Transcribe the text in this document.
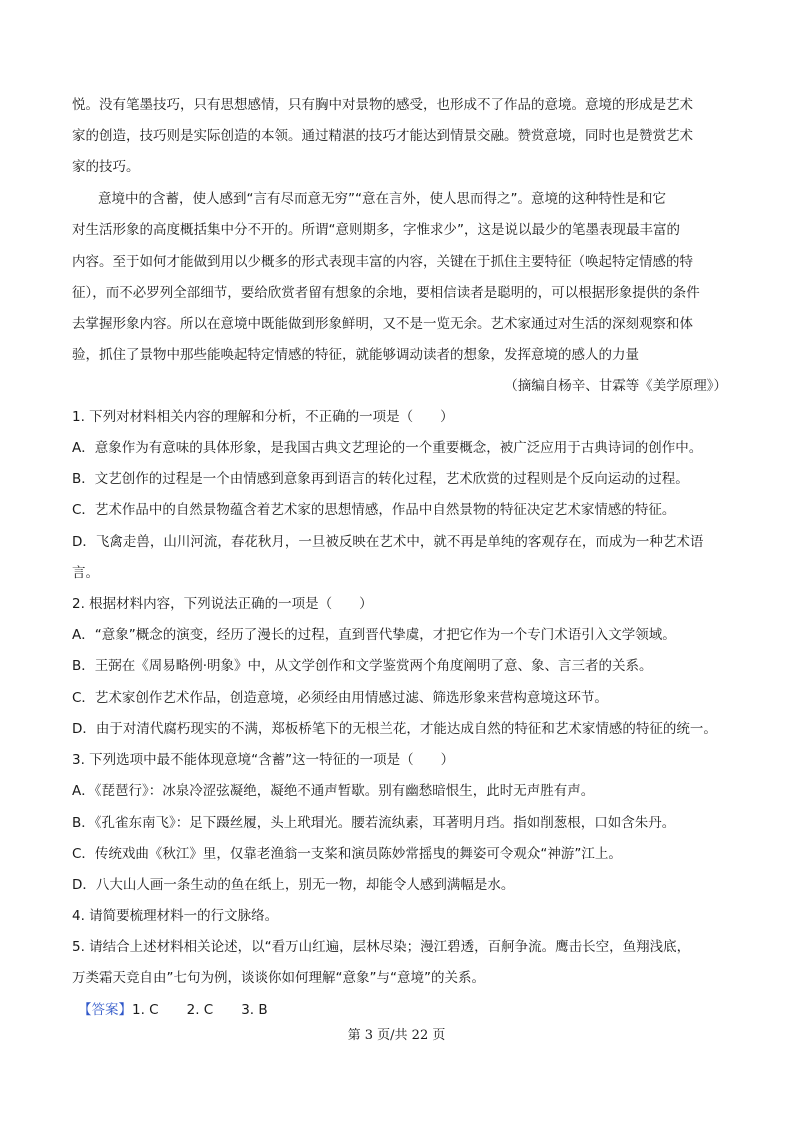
悦。没有笔墨技巧，只有思想感情，只有胸中对景物的感受，也形成不了作品的意境。意境的形成是艺术
家的创造，技巧则是实际创造的本领。通过精湛的技巧才能达到情景交融。赞赏意境，同时也是赞赏艺术
家的技巧。
意境中的含蓄，使人感到“言有尽而意无穷”“意在言外，使人思而得之”。意境的这种特性是和它
对生活形象的高度概括集中分不开的。所谓“意则期多，字惟求少”，这是说以最少的笔墨表现最丰富的
内容。至于如何才能做到用以少概多的形式表现丰富的内容，关键在于抓住主要特征（唤起特定情感的特
征），而不必罗列全部细节，要给欣赏者留有想象的余地，要相信读者是聪明的，可以根据形象提供的条件
去掌握形象内容。所以在意境中既能做到形象鲜明，又不是一览无余。艺术家通过对生活的深刻观察和体
验，抓住了景物中那些能唤起特定情感的特征，就能够调动读者的想象，发挥意境的感人的力量
（摘编自杨辛、甘霖等《美学原理》）
1. 下列对材料相关内容的理解和分析，不正确的一项是（　　）
A．意象作为有意味的具体形象，是我国古典文艺理论的一个重要概念，被广泛应用于古典诗词的创作中。
B．文艺创作的过程是一个由情感到意象再到语言的转化过程，艺术欣赏的过程则是个反向运动的过程。
C．艺术作品中的自然景物蕴含着艺术家的思想情感，作品中自然景物的特征决定艺术家情感的特征。
D．飞禽走兽，山川河流，春花秋月，一旦被反映在艺术中，就不再是单纯的客观存在，而成为一种艺术语
言。
2. 根据材料内容，下列说法正确的一项是（　　）
A．“意象”概念的演变，经历了漫长的过程，直到晋代挚虞，才把它作为一个专门术语引入文学领域。
B．王弼在《周易略例·明象》中，从文学创作和文学鉴赏两个角度阐明了意、象、言三者的关系。
C．艺术家创作艺术作品，创造意境，必须经由用情感过滤、筛选形象来营构意境这环节。
D．由于对清代腐朽现实的不满，郑板桥笔下的无根兰花，才能达成自然的特征和艺术家情感的特征的统一。
3. 下列选项中最不能体现意境“含蓄”这一特征的一项是（　　）
A．《琵琶行》：冰泉冷涩弦凝绝，凝绝不通声暂歇。别有幽愁暗恨生，此时无声胜有声。
B．《孔雀东南飞》：足下蹑丝履，头上玳瑁光。腰若流纨素，耳著明月珰。指如削葱根，口如含朱丹。
C．传统戏曲《秋江》里，仅靠老渔翁一支桨和演员陈妙常摇曳的舞姿可令观众“神游”江上。
D．八大山人画一条生动的鱼在纸上，别无一物，却能令人感到满幅是水。
4. 请简要梳理材料一的行文脉络。
5. 请结合上述材料相关论述，以“看万山红遍，层林尽染；漫江碧透，百舸争流。鹰击长空，鱼翔浅底，
万类霜天竞自由”七句为例，谈谈你如何理解“意象”与“意境”的关系。
【答案】1. C 2. C 3. B
第 3 页/共 22 页
